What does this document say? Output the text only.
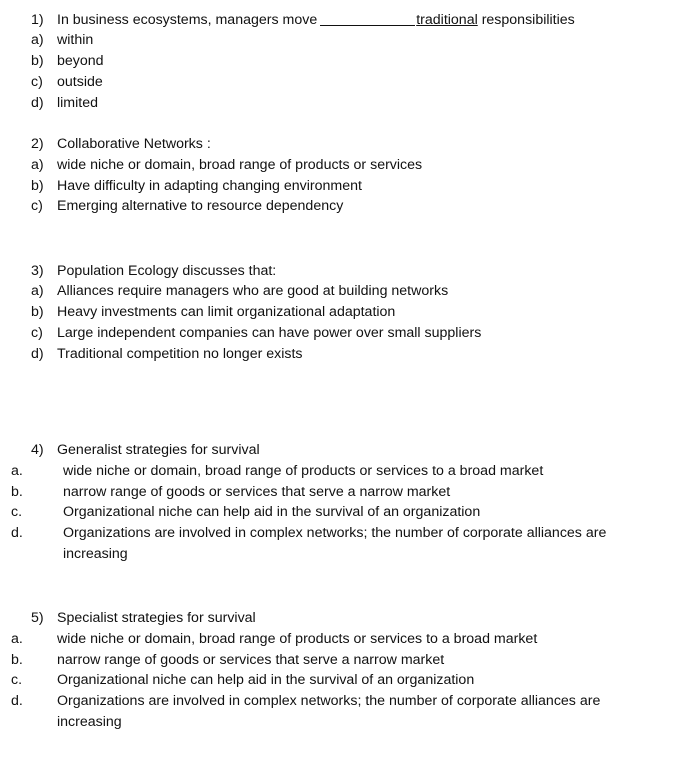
1) In business ecosystems, managers move	traditional responsibilities
a) within
b) beyond
c) outside
d) limited
2) Collaborative Networks :
a) wide niche or domain, broad range of products or services
b) Have difficulty in adapting changing environment
c) Emerging alternative to resource dependency
3) Population Ecology discusses that:
a) Alliances require managers who are good at building networks
b) Heavy investments can limit organizational adaptation
c) Large independent companies can have power over small suppliers
d) Traditional competition no longer exists
4) Generalist strategies for survival
a.	wide niche or domain, broad range of products or services to a broad market
b.	narrow range of goods or services that serve a narrow market
c.	Organizational niche can help aid in the survival of an organization
d.	Organizations are involved in complex networks; the number of corporate alliances are increasing
5) Specialist strategies for survival
a. wide niche or domain, broad range of products or services to a broad market
b. narrow range of goods or services that serve a narrow market
c. Organizational niche can help aid in the survival of an organization
d. Organizations are involved in complex networks; the number of corporate alliances are increasing
